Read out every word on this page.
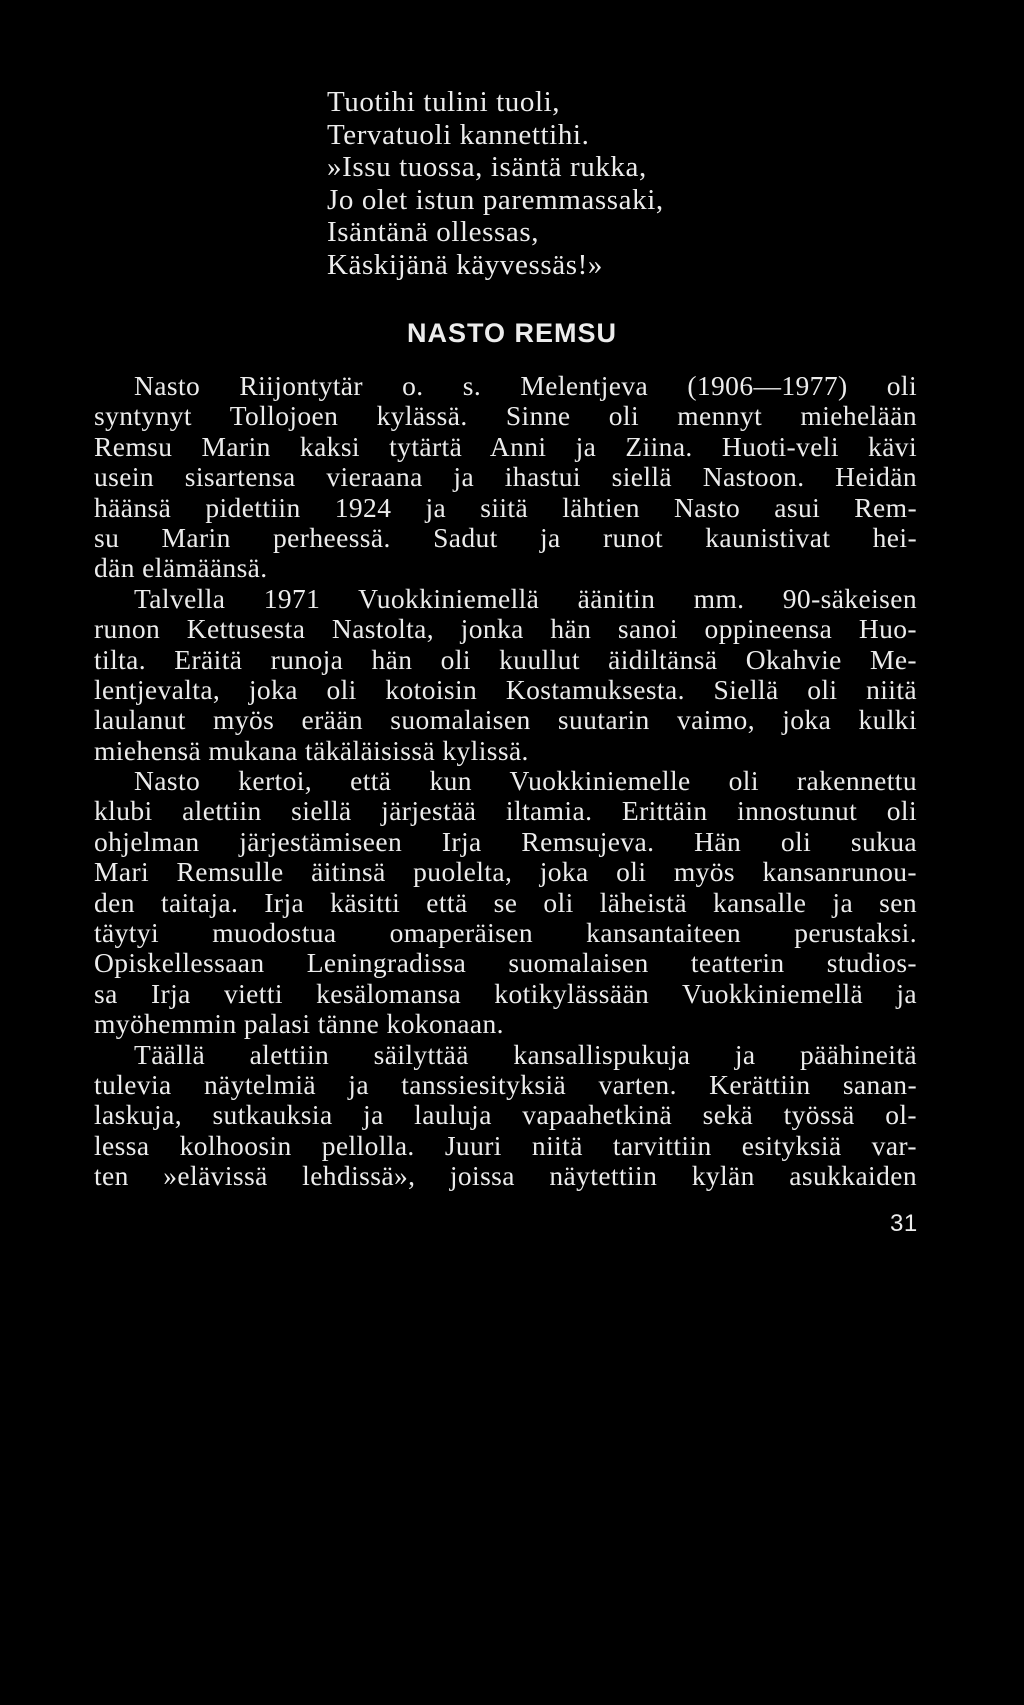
Tuotihi tulini tuoli,
Tervatuoli kannettihi.
»Issu tuossa, isäntä rukka,
Jo olet istun paremmassaki,
Isäntänä ollessas,
Käskijänä käyvessäs!»
NASTO REMSU
Nasto Riijontytär o. s. Melentjeva (1906—1977) oli
syntynyt Tollojoen kylässä. Sinne oli mennyt miehelään
Remsu Marin kaksi tytärtä Anni ja Ziina. Huoti-veli kävi
usein sisartensa vieraana ja ihastui siellä Nastoon. Heidän
häänsä pidettiin 1924 ja siitä lähtien Nasto asui Rem-
su Marin perheessä. Sadut ja runot kaunistivat hei-
dän elämäänsä.
Talvella 1971 Vuokkiniemellä äänitin mm. 90-säkeisen
runon Kettusesta Nastolta, jonka hän sanoi oppineensa Huo-
tilta. Eräitä runoja hän oli kuullut äidiltänsä Okahvie Me-
lentjevalta, joka oli kotoisin Kostamuksesta. Siellä oli niitä
laulanut myös erään suomalaisen suutarin vaimo, joka kulki
miehensä mukana täkäläisissä kylissä.
Nasto kertoi, että kun Vuokkiniemelle oli rakennettu
klubi alettiin siellä järjestää iltamia. Erittäin innostunut oli
ohjelman järjestämiseen Irja Remsujeva. Hän oli sukua
Mari Remsulle äitinsä puolelta, joka oli myös kansanrunou-
den taitaja. Irja käsitti että se oli läheistä kansalle ja sen
täytyi muodostua omaperäisen kansantaiteen perustaksi.
Opiskellessaan Leningradissa suomalaisen teatterin studios-
sa Irja vietti kesälomansa kotikylässään Vuokkiniemellä ja
myöhemmin palasi tänne kokonaan.
Täällä alettiin säilyttää kansallispukuja ja päähineitä
tulevia näytelmiä ja tanssiesityksiä varten. Kerättiin sanan-
laskuja, sutkauksia ja lauluja vapaahetkinä sekä työssä ol-
lessa kolhoosin pellolla. Juuri niitä tarvittiin esityksiä var-
ten »elävissä lehdissä», joissa näytettiin kylän asukkaiden
31
